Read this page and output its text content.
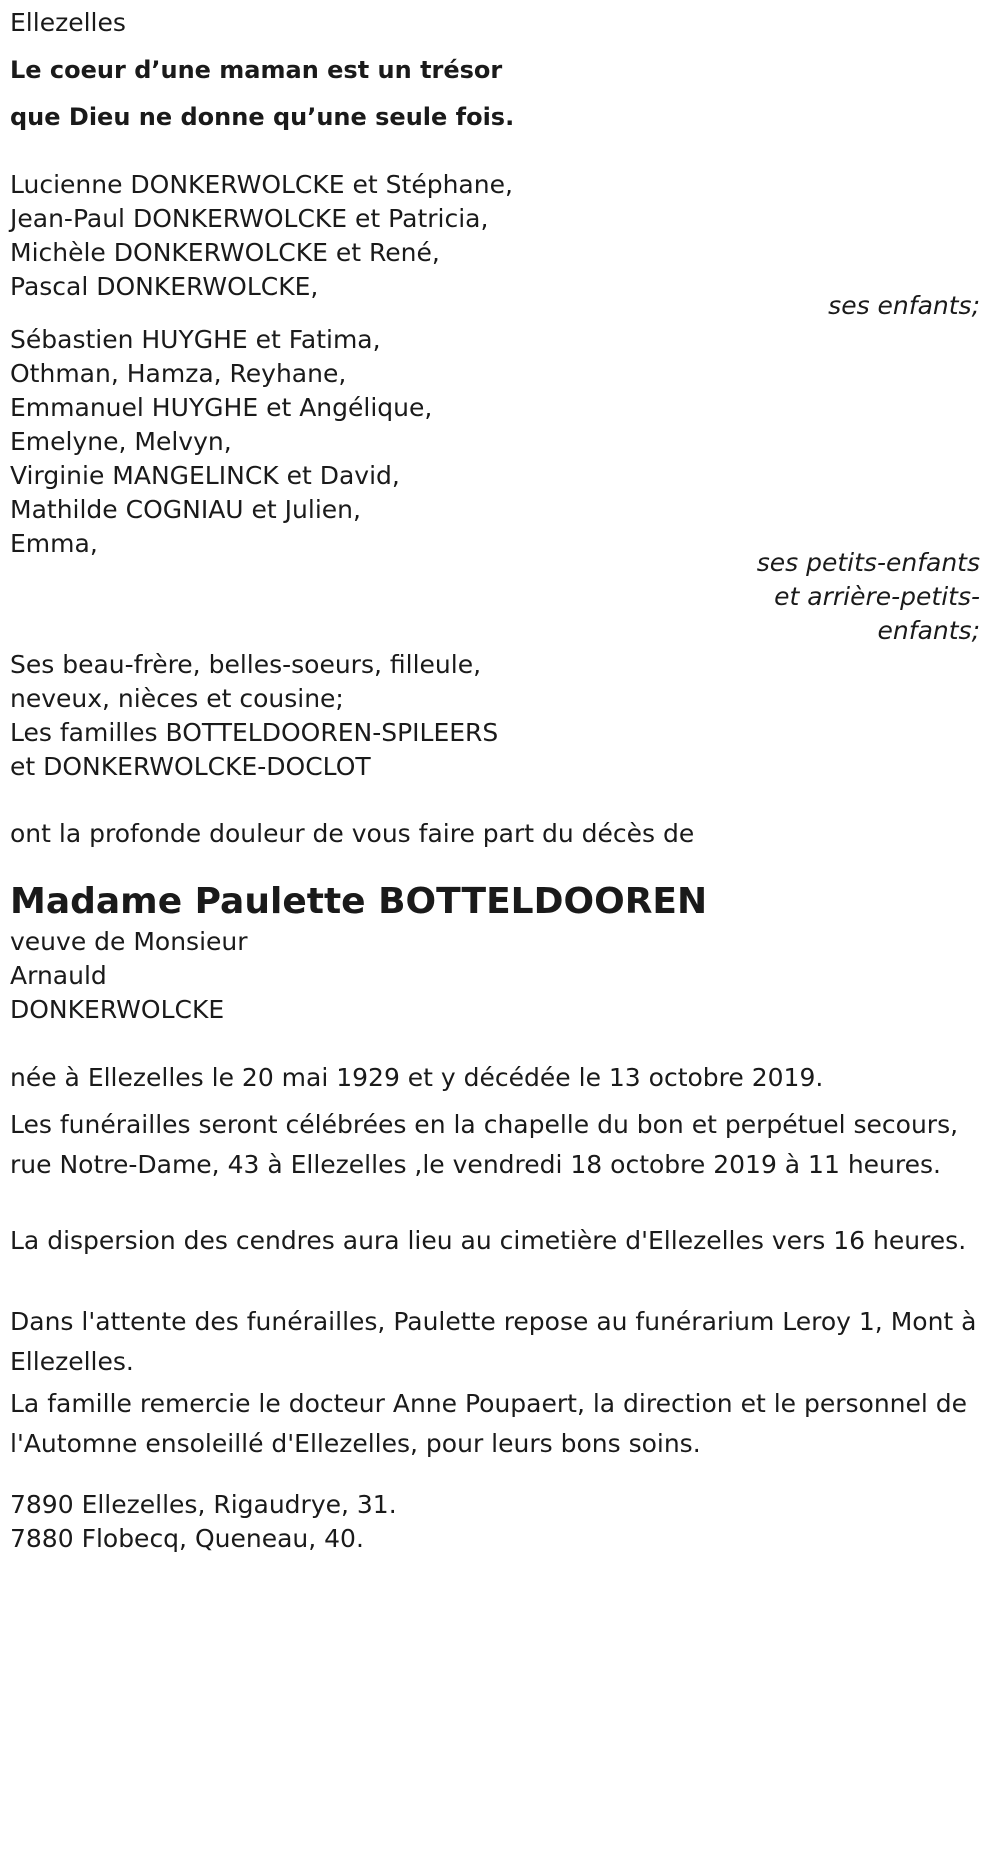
Ellezelles
Le coeur d’une maman est un trésor
que Dieu ne donne qu’une seule fois.
Lucienne DONKERWOLCKE et Stéphane,
Jean-Paul DONKERWOLCKE et Patricia,
Michèle DONKERWOLCKE et René,
Pascal DONKERWOLCKE,
ses enfants;
Sébastien HUYGHE et Fatima,
Othman, Hamza, Reyhane,
Emmanuel HUYGHE et Angélique,
Emelyne, Melvyn,
Virginie MANGELINCK et David,
Mathilde COGNIAU et Julien,
Emma,
ses petits-enfants
et arrière-petits-
enfants;
Ses beau-frère, belles-soeurs, filleule,
neveux, nièces et cousine;
Les familles BOTTELDOOREN-SPILEERS
et DONKERWOLCKE-DOCLOT
ont la profonde douleur de vous faire part du décès de
Madame Paulette BOTTELDOOREN
veuve de Monsieur
Arnauld
DONKERWOLCKE
née à Ellezelles le 20 mai 1929 et y décédée le 13 octobre 2019.
Les funérailles seront célébrées en la chapelle du bon et perpétuel secours, rue Notre-Dame, 43 à Ellezelles ,le vendredi 18 octobre 2019 à 11 heures.
La dispersion des cendres aura lieu au cimetière d'Ellezelles vers 16 heures.
Dans l'attente des funérailles, Paulette repose au funérarium Leroy 1, Mont à Ellezelles.
La famille remercie le docteur Anne Poupaert, la direction et le personnel de l'Automne ensoleillé d'Ellezelles, pour leurs bons soins.
7890 Ellezelles, Rigaudrye, 31.
7880 Flobecq, Queneau, 40.
